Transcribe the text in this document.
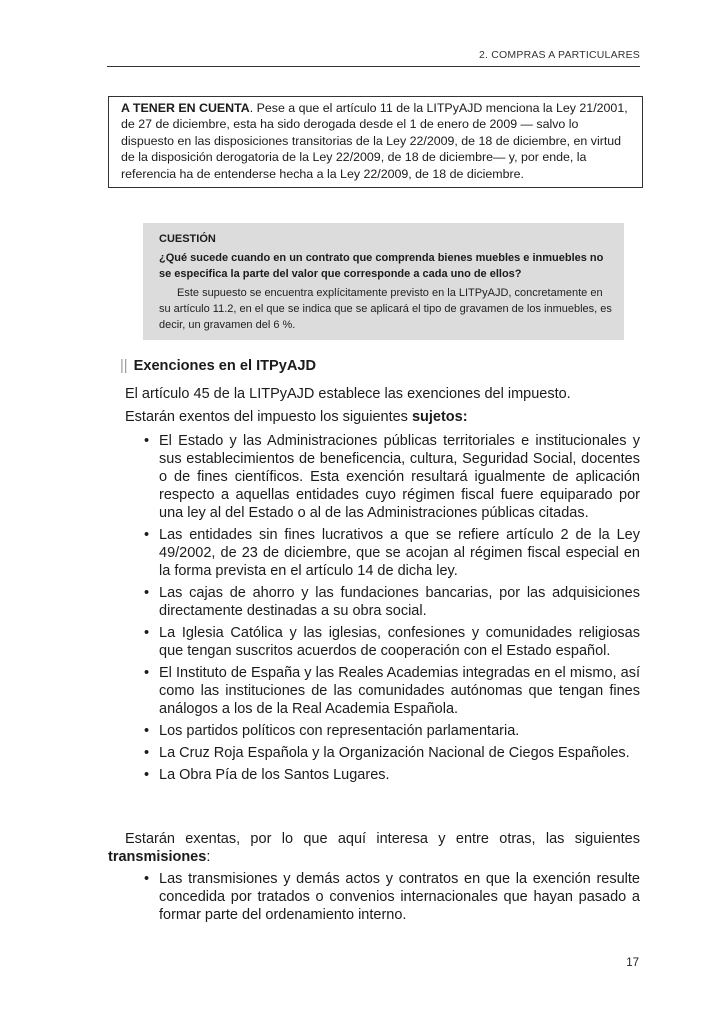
2. COMPRAS A PARTICULARES
A TENER EN CUENTA. Pese a que el artículo 11 de la LITPyAJD menciona la Ley 21/2001, de 27 de diciembre, esta ha sido derogada desde el 1 de enero de 2009 — salvo lo dispuesto en las disposiciones transitorias de la Ley 22/2009, de 18 de diciembre, en virtud de la disposición derogatoria de la Ley 22/2009, de 18 de diciembre— y, por ende, la referencia ha de entenderse hecha a la Ley 22/2009, de 18 de diciembre.
CUESTIÓN
¿Qué sucede cuando en un contrato que comprenda bienes muebles e inmuebles no se especifica la parte del valor que corresponde a cada uno de ellos?
Este supuesto se encuentra explícitamente previsto en la LITPyAJD, concretamente en su artículo 11.2, en el que se indica que se aplicará el tipo de gravamen de los inmuebles, es decir, un gravamen del 6 %.
|| Exenciones en el ITPyAJD
El artículo 45 de la LITPyAJD establece las exenciones del impuesto.
Estarán exentos del impuesto los siguientes sujetos:
• El Estado y las Administraciones públicas territoriales e institucionales y sus establecimientos de beneficencia, cultura, Seguridad Social, docentes o de fines científicos. Esta exención resultará igualmente de aplicación respecto a aquellas entidades cuyo régimen fiscal fuere equiparado por una ley al del Estado o al de las Administraciones públicas citadas.
• Las entidades sin fines lucrativos a que se refiere artículo 2 de la Ley 49/2002, de 23 de diciembre, que se acojan al régimen fiscal especial en la forma prevista en el artículo 14 de dicha ley.
• Las cajas de ahorro y las fundaciones bancarias, por las adquisiciones directamente destinadas a su obra social.
• La Iglesia Católica y las iglesias, confesiones y comunidades religiosas que tengan suscritos acuerdos de cooperación con el Estado español.
• El Instituto de España y las Reales Academias integradas en el mismo, así como las instituciones de las comunidades autónomas que tengan fines análogos a los de la Real Academia Española.
• Los partidos políticos con representación parlamentaria.
• La Cruz Roja Española y la Organización Nacional de Ciegos Españoles.
• La Obra Pía de los Santos Lugares.
Estarán exentas, por lo que aquí interesa y entre otras, las siguientes transmisiones:
• Las transmisiones y demás actos y contratos en que la exención resulte concedida por tratados o convenios internacionales que hayan pasado a formar parte del ordenamiento interno.
17
